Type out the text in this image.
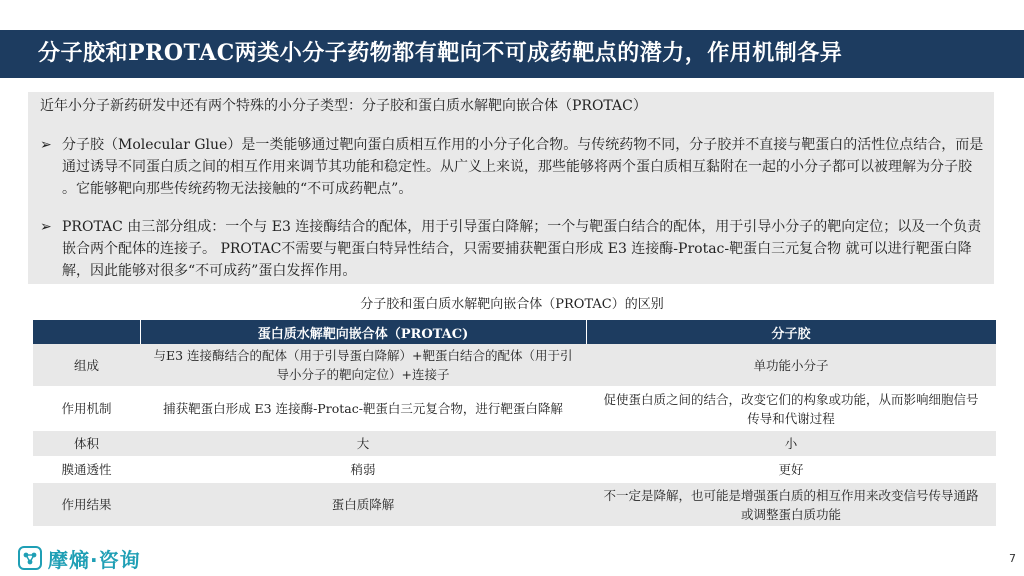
分子胶和PROTAC两类小分子药物都有靶向不可成药靶点的潜力，作用机制各异
近年小分子新药研发中还有两个特殊的小分子类型：分子胶和蛋白质水解靶向嵌合体（PROTAC）
➢ 分子胶（Molecular Glue）是一类能够通过靶向蛋白质相互作用的小分子化合物。与传统药物不同，分子胶并不直接与靶蛋白的活性位点结合，而是通过诱导不同蛋白质之间的相互作用来调节其功能和稳定性。从广义上来说，那些能够将两个蛋白质相互黏附在一起的小分子都可以被理解为分子胶 。它能够靶向那些传统药物无法接触的“不可成药靶点”。
➢ PROTAC 由三部分组成：一个与 E3 连接酶结合的配体，用于引导蛋白降解；一个与靶蛋白结合的配体，用于引导小分子的靶向定位；以及一个负责嵌合两个配体的连接子。 PROTAC不需要与靶蛋白特异性结合，只需要捕获靶蛋白形成 E3 连接酶-Protac-靶蛋白三元复合物 就可以进行靶蛋白降解，因此能够对很多“不可成药”蛋白发挥作用。
分子胶和蛋白质水解靶向嵌合体（PROTAC）的区别
	蛋白质水解靶向嵌合体（PROTAC)	分子胶
组成	与E3 连接酶结合的配体（用于引导蛋白降解）+靶蛋白结合的配体（用于引导小分子的靶向定位）+连接子	单功能小分子
作用机制	捕获靶蛋白形成 E3 连接酶-Protac-靶蛋白三元复合物，进行靶蛋白降解	促使蛋白质之间的结合，改变它们的构象或功能，从而影响细胞信号传导和代谢过程
体积	大	小
膜通透性	稍弱	更好
作用结果	蛋白质降解	不一定是降解，也可能是增强蛋白质的相互作用来改变信号传导通路或调整蛋白质功能
摩熵·咨询	7
